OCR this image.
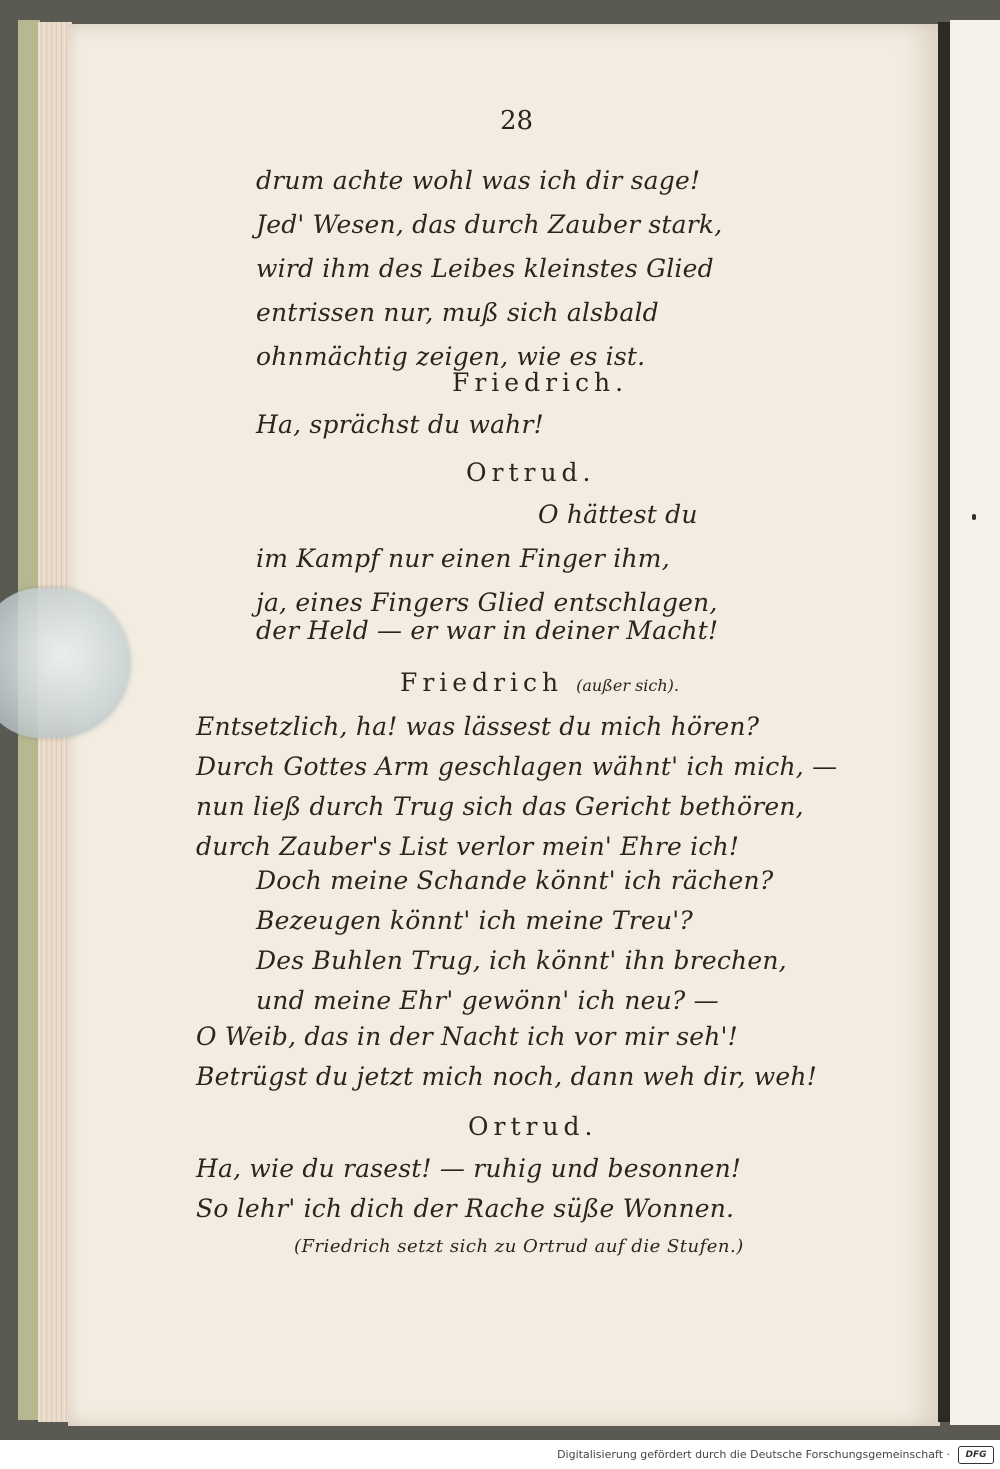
28
drum achte wohl was ich dir sage!
Jed' Wesen, das durch Zauber stark,
wird ihm des Leibes kleinstes Glied
entrissen nur, muß sich alsbald
ohnmächtig zeigen, wie es ist.
Friedrich.
Ha, sprächst du wahr!
Ortrud.
O hättest du
im Kampf nur einen Finger ihm,
ja, eines Fingers Glied entschlagen,
der Held — er war in deiner Macht!
Friedrich (außer sich).
Entsetzlich, ha! was lässest du mich hören?
Durch Gottes Arm geschlagen wähnt' ich mich, —
nun ließ durch Trug sich das Gericht bethören,
durch Zauber's List verlor mein' Ehre ich!
Doch meine Schande könnt' ich rächen?
Bezeugen könnt' ich meine Treu'?
Des Buhlen Trug, ich könnt' ihn brechen,
und meine Ehr' gewönn' ich neu? —
O Weib, das in der Nacht ich vor mir seh'!
Betrügst du jetzt mich noch, dann weh dir, weh!
Ortrud.
Ha, wie du rasest! — ruhig und besonnen!
So lehr' ich dich der Rache süße Wonnen.
(Friedrich setzt sich zu Ortrud auf die Stufen.)
Digitalisierung gefördert durch die Deutsche Forschungsgemeinschaft ·	DFG
